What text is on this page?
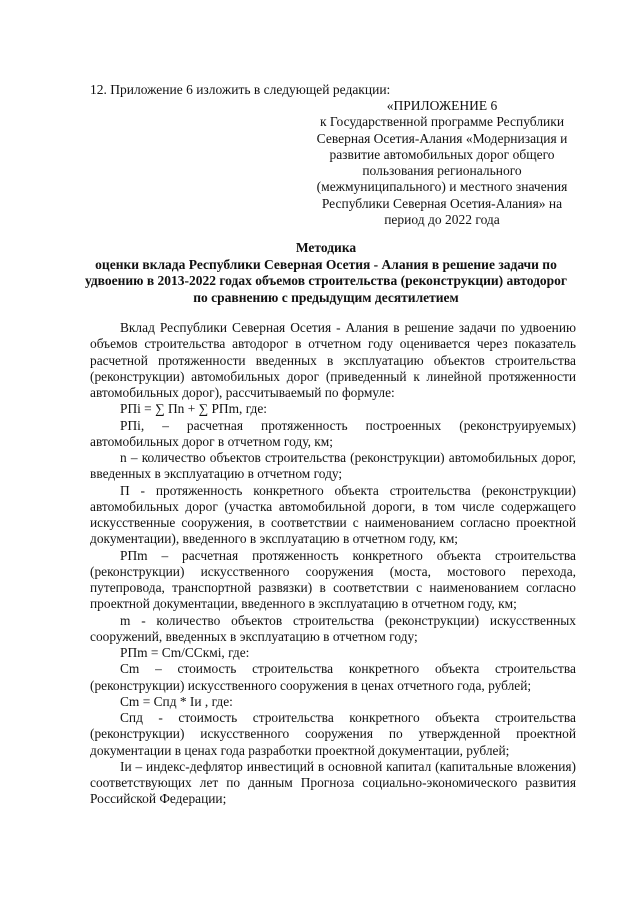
12. Приложение 6 изложить в следующей редакции:
«ПРИЛОЖЕНИЕ 6
к Государственной программе Республики
Северная Осетия-Алания «Модернизация и
развитие автомобильных дорог общего
пользования регионального
(межмуниципального) и местного значения
Республики Северная Осетия-Алания» на
период до 2022 года
Методика
оценки вклада Республики Северная Осетия - Алания в решение задачи по
удвоению в 2013-2022 годах объемов строительства (реконструкции) автодорог
по сравнению с предыдущим десятилетием

Вклад Республики Северная Осетия - Алания в решение задачи по удвоению объемов строительства автодорог в отчетном году оценивается через показатель расчетной протяженности введенных в эксплуатацию объектов строительства (реконструкции) автомобильных дорог (приведенный к линейной протяженности автомобильных дорог), рассчитываемый по формуле:

РПi = ∑ Пn + ∑ РПm, где:

РПi, – расчетная протяженность построенных (реконструируемых) автомобильных дорог в отчетном году, км;

n – количество объектов строительства (реконструкции) автомобильных дорог, введенных в эксплуатацию в отчетном году;

П - протяженность конкретного объекта строительства (реконструкции) автомобильных дорог (участка автомобильной дороги, в том числе содержащего искусственные сооружения, в соответствии с наименованием согласно проектной документации), введенного в эксплуатацию в отчетном году, км;

РПm – расчетная протяженность конкретного объекта строительства (реконструкции) искусственного сооружения (моста, мостового перехода, путепровода, транспортной развязки) в соответствии с наименованием согласно проектной документации, введенного в эксплуатацию в отчетном году, км;

m - количество объектов строительства (реконструкции) искусственных сооружений, введенных в эксплуатацию в отчетном году;

РПm = Cm/ССкмi, где:

Cm – стоимость строительства конкретного объекта строительства (реконструкции) искусственного сооружения в ценах отчетного года, рублей;

Cm = Cпд * Iи , где:

Cпд - стоимость строительства конкретного объекта строительства (реконструкции) искусственного сооружения по утвержденной проектной документации в ценах года разработки проектной документации, рублей;

Iи – индекс-дефлятор инвестиций в основной капитал (капитальные вложения) соответствующих лет по данным Прогноза социально-экономического развития Российской Федерации;
